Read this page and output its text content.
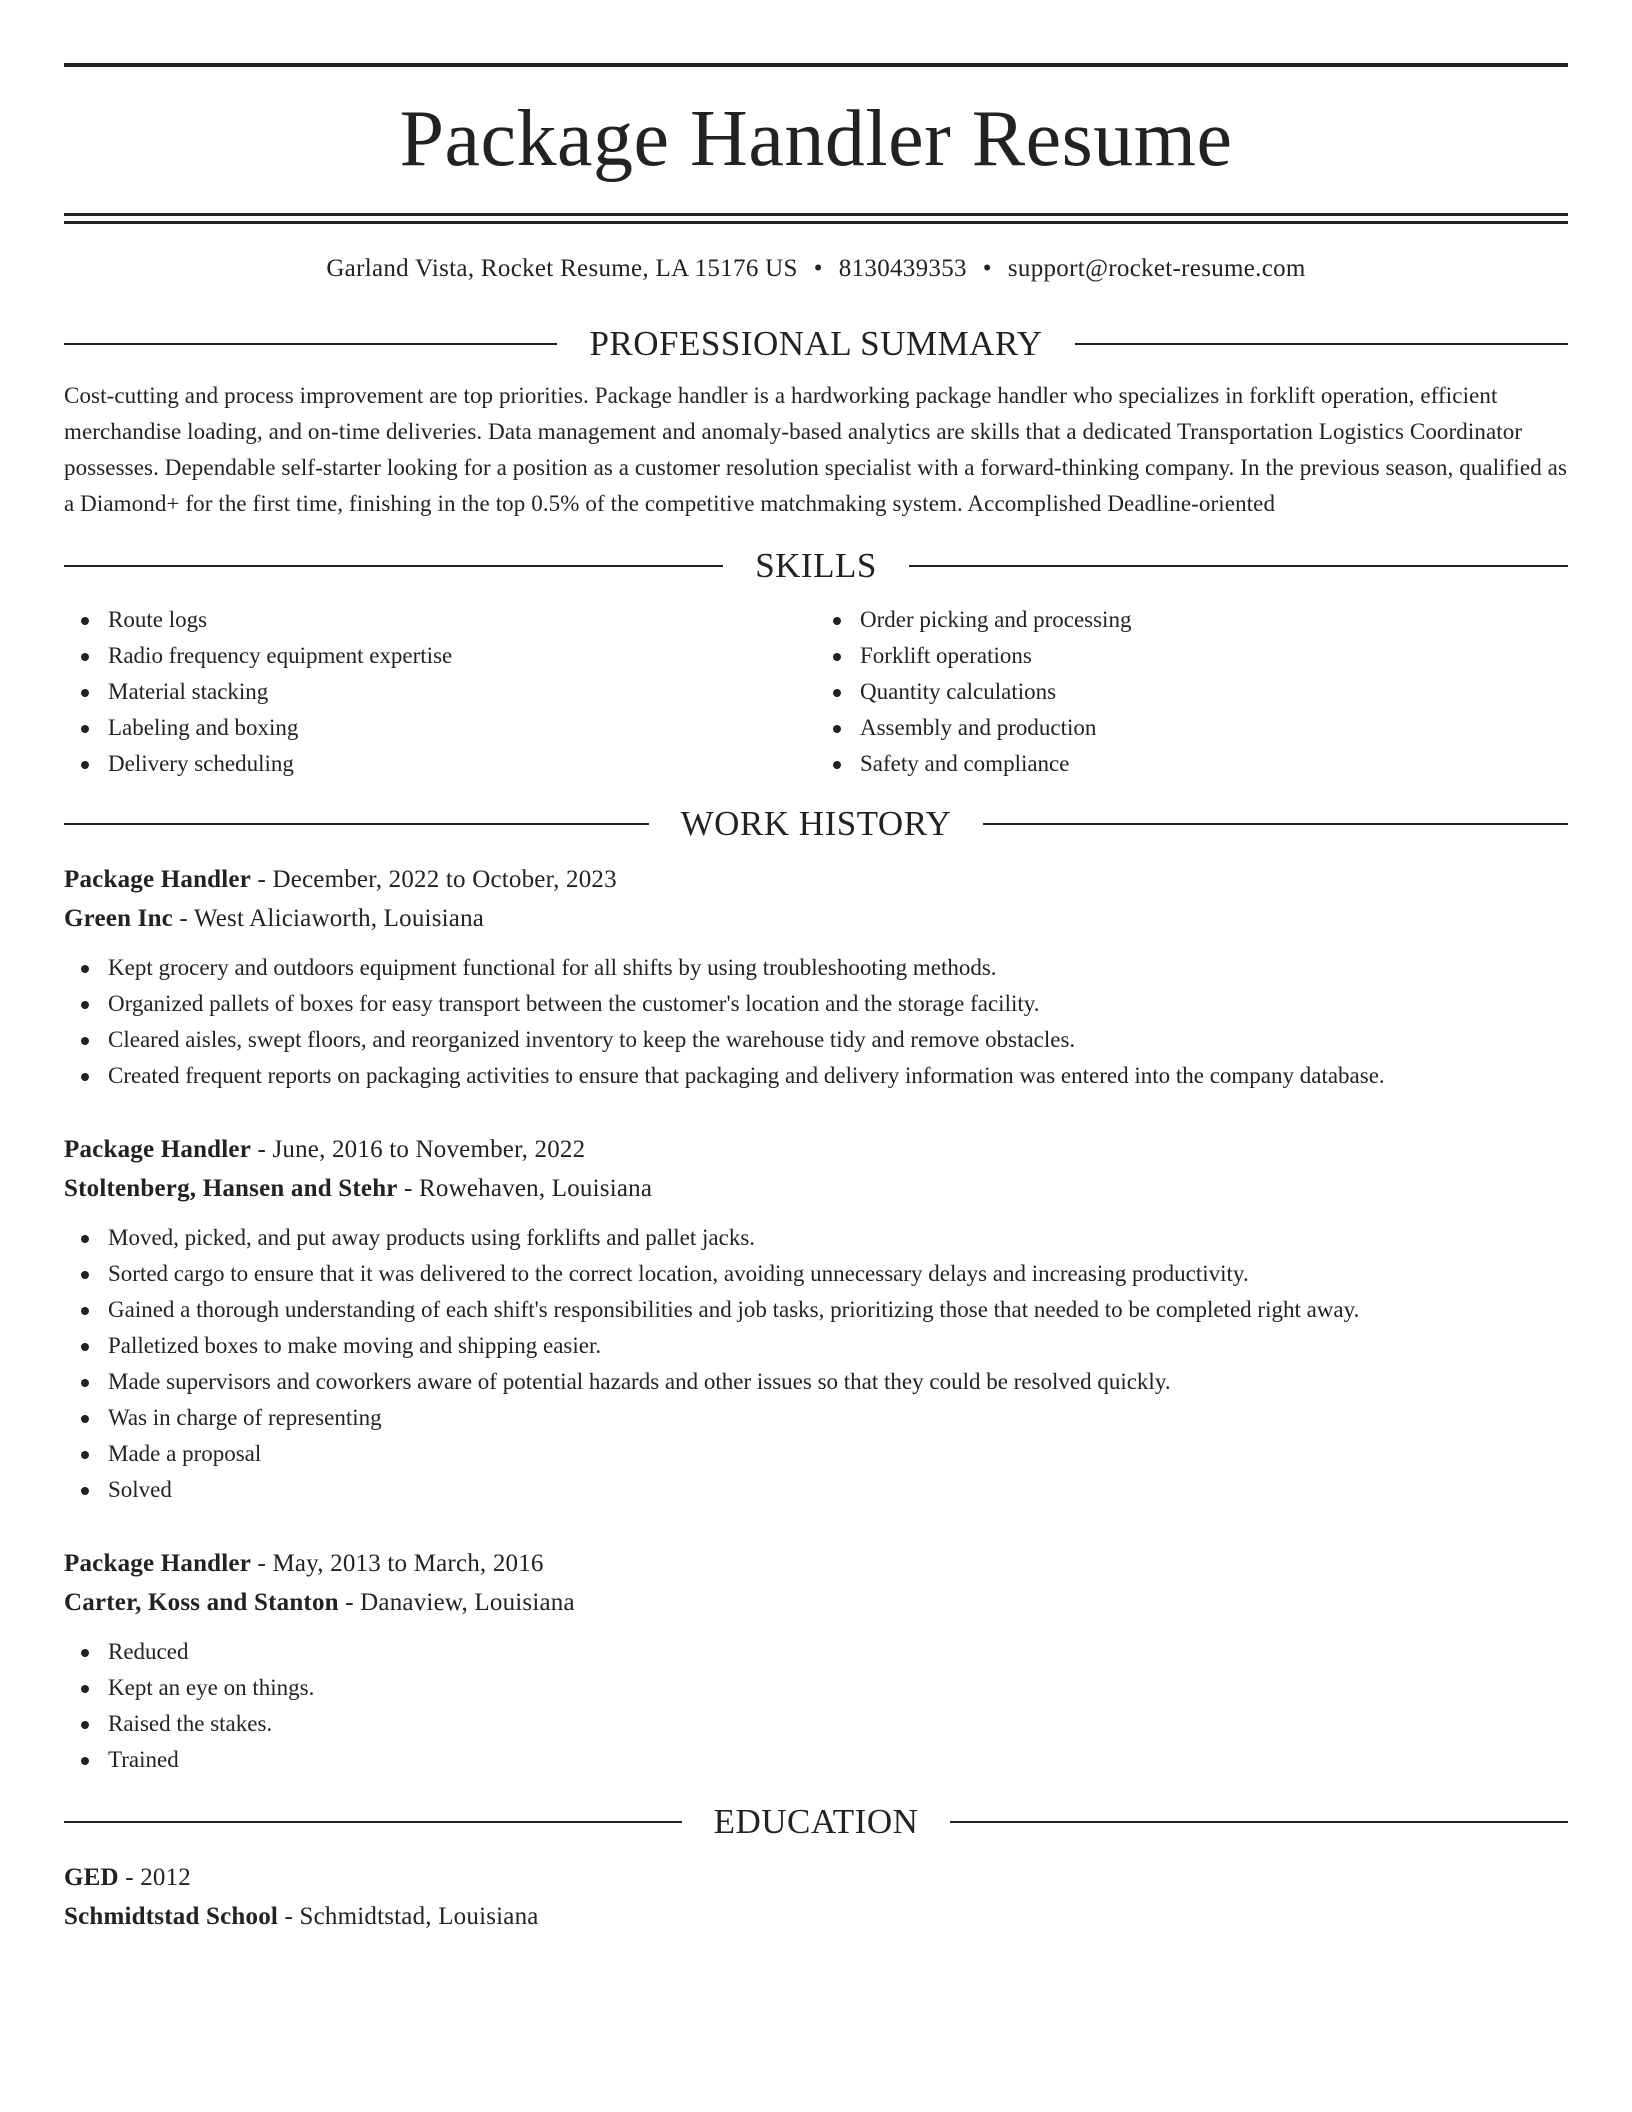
Package Handler Resume
Garland Vista, Rocket Resume, LA 15176 US • 8130439353 • support@rocket-resume.com
PROFESSIONAL SUMMARY
Cost-cutting and process improvement are top priorities. Package handler is a hardworking package handler who specializes in forklift operation, efficient merchandise loading, and on-time deliveries. Data management and anomaly-based analytics are skills that a dedicated Transportation Logistics Coordinator possesses. Dependable self-starter looking for a position as a customer resolution specialist with a forward-thinking company. In the previous season, qualified as a Diamond+ for the first time, finishing in the top 0.5% of the competitive matchmaking system. Accomplished Deadline-oriented
SKILLS
Route logs
Radio frequency equipment expertise
Material stacking
Labeling and boxing
Delivery scheduling
Order picking and processing
Forklift operations
Quantity calculations
Assembly and production
Safety and compliance
WORK HISTORY
Package Handler - December, 2022 to October, 2023
Green Inc - West Aliciaworth, Louisiana
Kept grocery and outdoors equipment functional for all shifts by using troubleshooting methods.
Organized pallets of boxes for easy transport between the customer's location and the storage facility.
Cleared aisles, swept floors, and reorganized inventory to keep the warehouse tidy and remove obstacles.
Created frequent reports on packaging activities to ensure that packaging and delivery information was entered into the company database.
Package Handler - June, 2016 to November, 2022
Stoltenberg, Hansen and Stehr - Rowehaven, Louisiana
Moved, picked, and put away products using forklifts and pallet jacks.
Sorted cargo to ensure that it was delivered to the correct location, avoiding unnecessary delays and increasing productivity.
Gained a thorough understanding of each shift's responsibilities and job tasks, prioritizing those that needed to be completed right away.
Palletized boxes to make moving and shipping easier.
Made supervisors and coworkers aware of potential hazards and other issues so that they could be resolved quickly.
Was in charge of representing
Made a proposal
Solved
Package Handler - May, 2013 to March, 2016
Carter, Koss and Stanton - Danaview, Louisiana
Reduced
Kept an eye on things.
Raised the stakes.
Trained
EDUCATION
GED - 2012
Schmidtstad School - Schmidtstad, Louisiana
